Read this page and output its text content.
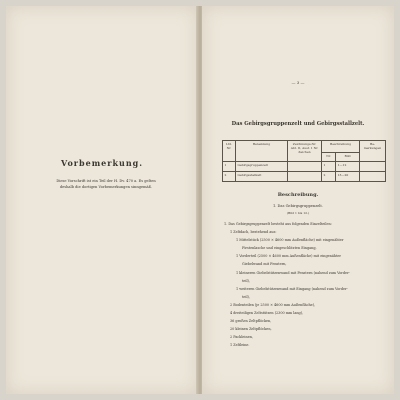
Vorbemerkung.
Diese Vorschrift ist ein Teil der H. Dv. 470 a. Es gelten
deshalb die dortigen Vorbemerkungen sinngemäß.
— 3 —
Das Gebirgsgruppenzelt und Gebirgsstallzelt.
Lfd. Nr.	Benennung	Zeichnungs-Nr. Abt. II, Ausf. 1 Nr. Zeichen	Beschreibung		Be-merkungen
			Nr.	Bild	
1	Gebirgsgruppenzelt		1	1—12	
2	Gebirgsstallzelt		2	13—20	
Beschreibung.
1. Das Gebirgsgruppenzelt.
(Bild 1 bis 12.)
1. Das Gebirgsgruppenzelt besteht aus folgenden Einzelteilen:
1 Zeltdach, bestehend aus:
1 Mittelstück (2500 × 4600 mm Außenfläche) mit eingenähter
Firstenlasche und eingeschlitzten Eingang,
1 Vorderteil (2500 × 4600 mm Außenfläche) mit eingenähter
Giebelwand mit Fenstern,
1 kleineren Giebelstützenwand mit Fenstern (nahend zum Vorder-
teil),
1 weiteren Giebelstützenwand mit Eingang (nahend zum Vorder-
teil),
2 Bodenteilen (je 2500 × 4600 mm Außenfläche),
4 dreiteiligen Zeltstützen (2300 mm lang),
36 großen Zeltpflöcken,
20 kleinen Zeltpflöcken,
2 Packleinen,
1 Zeltleine.
